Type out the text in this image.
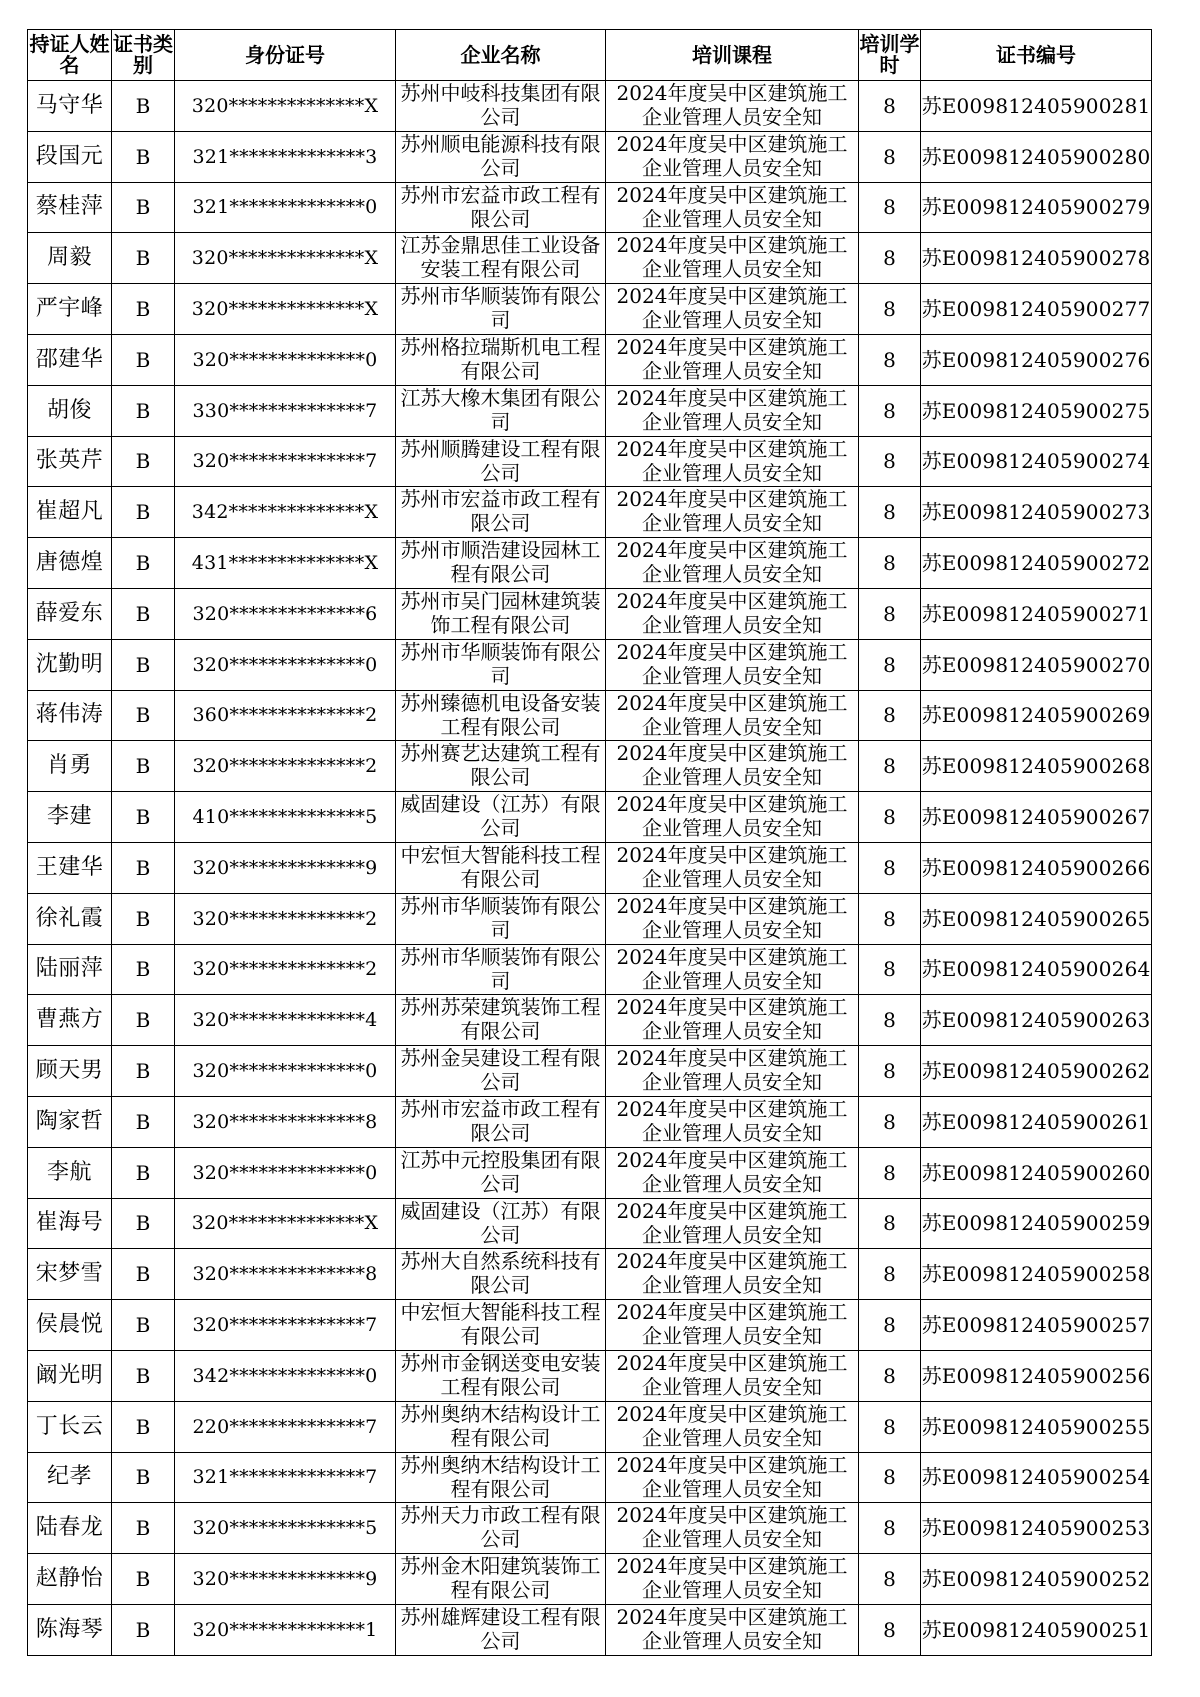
持证人姓名	证书类别	身份证号	企业名称	培训课程	培训学时	证书编号
马守华	B	320**************X	苏州中岐科技集团有限公司	2024年度吴中区建筑施工企业管理人员安全知	8	苏E009812405900281
段国元	B	321**************3	苏州顺电能源科技有限公司	2024年度吴中区建筑施工企业管理人员安全知	8	苏E009812405900280
蔡桂萍	B	321**************0	苏州市宏益市政工程有限公司	2024年度吴中区建筑施工企业管理人员安全知	8	苏E009812405900279
周毅	B	320**************X	江苏金鼎思佳工业设备安装工程有限公司	2024年度吴中区建筑施工企业管理人员安全知	8	苏E009812405900278
严宇峰	B	320**************X	苏州市华顺装饰有限公司	2024年度吴中区建筑施工企业管理人员安全知	8	苏E009812405900277
邵建华	B	320**************0	苏州格拉瑞斯机电工程有限公司	2024年度吴中区建筑施工企业管理人员安全知	8	苏E009812405900276
胡俊	B	330**************7	江苏大橡木集团有限公司	2024年度吴中区建筑施工企业管理人员安全知	8	苏E009812405900275
张英芹	B	320**************7	苏州顺腾建设工程有限公司	2024年度吴中区建筑施工企业管理人员安全知	8	苏E009812405900274
崔超凡	B	342**************X	苏州市宏益市政工程有限公司	2024年度吴中区建筑施工企业管理人员安全知	8	苏E009812405900273
唐德煌	B	431**************X	苏州市顺浩建设园林工程有限公司	2024年度吴中区建筑施工企业管理人员安全知	8	苏E009812405900272
薛爱东	B	320**************6	苏州市吴门园林建筑装饰工程有限公司	2024年度吴中区建筑施工企业管理人员安全知	8	苏E009812405900271
沈勤明	B	320**************0	苏州市华顺装饰有限公司	2024年度吴中区建筑施工企业管理人员安全知	8	苏E009812405900270
蒋伟涛	B	360**************2	苏州臻德机电设备安装工程有限公司	2024年度吴中区建筑施工企业管理人员安全知	8	苏E009812405900269
肖勇	B	320**************2	苏州赛艺达建筑工程有限公司	2024年度吴中区建筑施工企业管理人员安全知	8	苏E009812405900268
李建	B	410**************5	威固建设（江苏）有限公司	2024年度吴中区建筑施工企业管理人员安全知	8	苏E009812405900267
王建华	B	320**************9	中宏恒大智能科技工程有限公司	2024年度吴中区建筑施工企业管理人员安全知	8	苏E009812405900266
徐礼霞	B	320**************2	苏州市华顺装饰有限公司	2024年度吴中区建筑施工企业管理人员安全知	8	苏E009812405900265
陆丽萍	B	320**************2	苏州市华顺装饰有限公司	2024年度吴中区建筑施工企业管理人员安全知	8	苏E009812405900264
曹燕方	B	320**************4	苏州苏荣建筑装饰工程有限公司	2024年度吴中区建筑施工企业管理人员安全知	8	苏E009812405900263
顾天男	B	320**************0	苏州金吴建设工程有限公司	2024年度吴中区建筑施工企业管理人员安全知	8	苏E009812405900262
陶家哲	B	320**************8	苏州市宏益市政工程有限公司	2024年度吴中区建筑施工企业管理人员安全知	8	苏E009812405900261
李航	B	320**************0	江苏中元控股集团有限公司	2024年度吴中区建筑施工企业管理人员安全知	8	苏E009812405900260
崔海号	B	320**************X	威固建设（江苏）有限公司	2024年度吴中区建筑施工企业管理人员安全知	8	苏E009812405900259
宋梦雪	B	320**************8	苏州大自然系统科技有限公司	2024年度吴中区建筑施工企业管理人员安全知	8	苏E009812405900258
侯晨悦	B	320**************7	中宏恒大智能科技工程有限公司	2024年度吴中区建筑施工企业管理人员安全知	8	苏E009812405900257
阚光明	B	342**************0	苏州市金钢送变电安装工程有限公司	2024年度吴中区建筑施工企业管理人员安全知	8	苏E009812405900256
丁长云	B	220**************7	苏州奥纳木结构设计工程有限公司	2024年度吴中区建筑施工企业管理人员安全知	8	苏E009812405900255
纪孝	B	321**************7	苏州奥纳木结构设计工程有限公司	2024年度吴中区建筑施工企业管理人员安全知	8	苏E009812405900254
陆春龙	B	320**************5	苏州天力市政工程有限公司	2024年度吴中区建筑施工企业管理人员安全知	8	苏E009812405900253
赵静怡	B	320**************9	苏州金木阳建筑装饰工程有限公司	2024年度吴中区建筑施工企业管理人员安全知	8	苏E009812405900252
陈海琴	B	320**************1	苏州雄辉建设工程有限公司	2024年度吴中区建筑施工企业管理人员安全知	8	苏E009812405900251
